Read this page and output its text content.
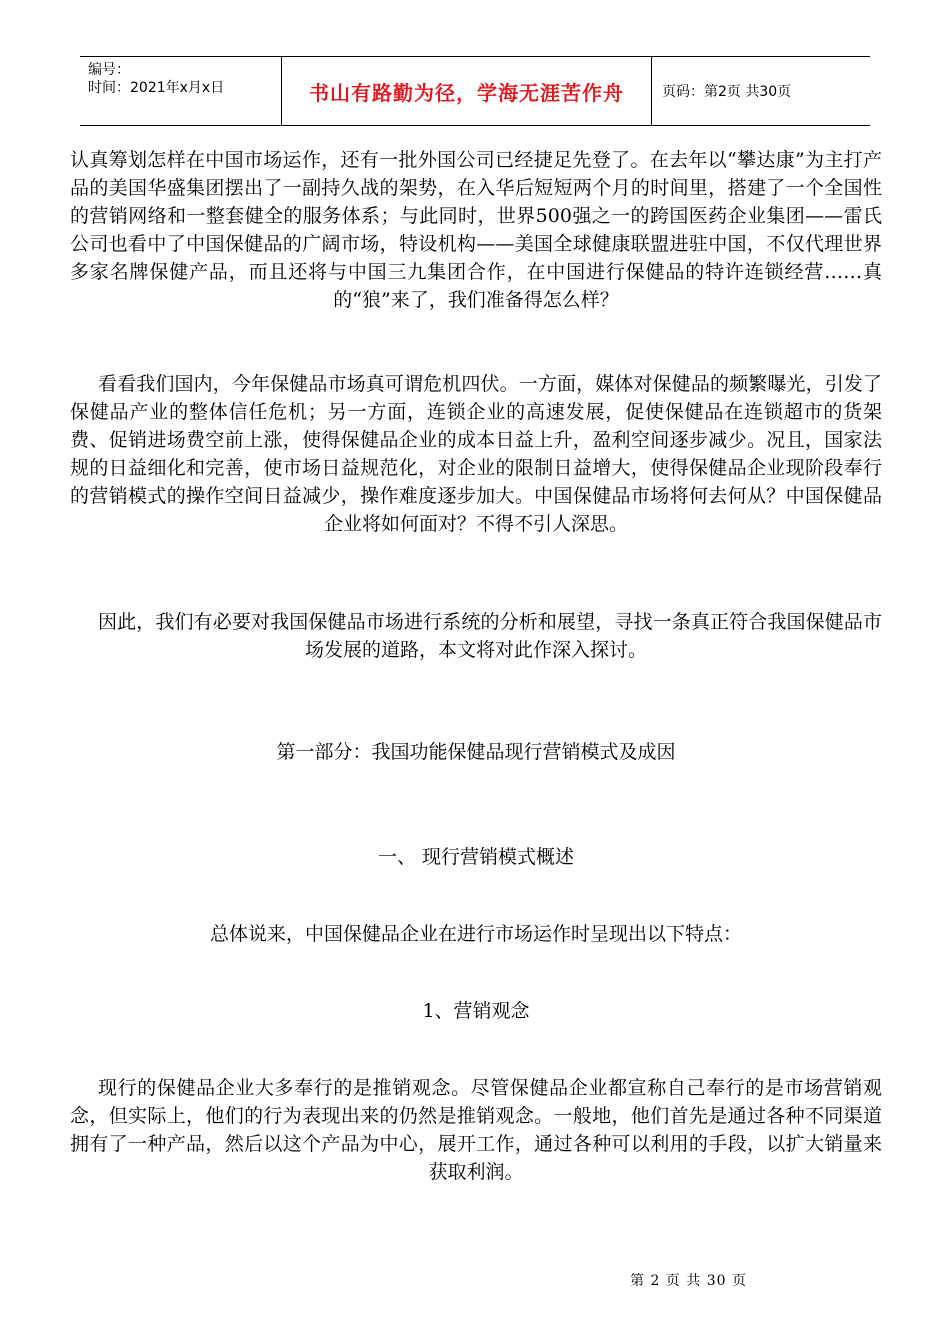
编号：
时间：2021年x月x日	书山有路勤为径，学海无涯苦作舟	页码：第2页 共30页

认真筹划怎样在中国市场运作，还有一批外国公司已经捷足先登了。在去年以“攀达康”为主打产品的美国华盛集团摆出了一副持久战的架势，在入华后短短两个月的时间里，搭建了一个全国性的营销网络和一整套健全的服务体系；与此同时，世界500强之一的跨国医药企业集团——雷氏公司也看中了中国保健品的广阔市场，特设机构——美国全球健康联盟进驻中国，不仅代理世界多家名牌保健产品，而且还将与中国三九集团合作，在中国进行保健品的特许连锁经营……真的“狼”来了，我们准备得怎么样？

看看我们国内，今年保健品市场真可谓危机四伏。一方面，媒体对保健品的频繁曝光，引发了保健品产业的整体信任危机；另一方面，连锁企业的高速发展，促使保健品在连锁超市的货架费、促销进场费空前上涨，使得保健品企业的成本日益上升，盈利空间逐步减少。况且，国家法规的日益细化和完善，使市场日益规范化，对企业的限制日益增大，使得保健品企业现阶段奉行的营销模式的操作空间日益减少，操作难度逐步加大。中国保健品市场将何去何从？中国保健品企业将如何面对？不得不引人深思。

因此，我们有必要对我国保健品市场进行系统的分析和展望，寻找一条真正符合我国保健品市场发展的道路，本文将对此作深入探讨。

第一部分：我国功能保健品现行营销模式及成因

一、 现行营销模式概述

总体说来，中国保健品企业在进行市场运作时呈现出以下特点：

1、营销观念

现行的保健品企业大多奉行的是推销观念。尽管保健品企业都宣称自己奉行的是市场营销观念，但实际上，他们的行为表现出来的仍然是推销观念。一般地，他们首先是通过各种不同渠道拥有了一种产品，然后以这个产品为中心，展开工作，通过各种可以利用的手段，以扩大销量来获取利润。

第 2 页 共 30 页
